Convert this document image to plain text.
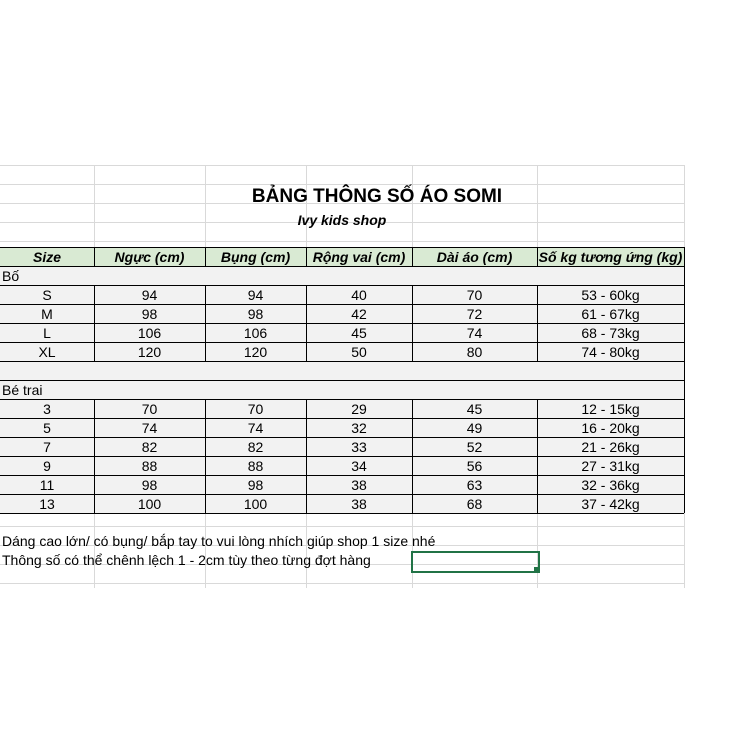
BẢNG THÔNG SỐ ÁO SOMI
Ivy kids shop
Size	Ngực (cm)	Bụng (cm)	Rộng vai (cm)	Dài áo (cm)	Số kg tương ứng (kg)
Bố
S	94	94	40	70	53 - 60kg
M	98	98	42	72	61 - 67kg
L	106	106	45	74	68 - 73kg
XL	120	120	50	80	74 - 80kg
Bé trai
3	70	70	29	45	12 - 15kg
5	74	74	32	49	16 - 20kg
7	82	82	33	52	21 - 26kg
9	88	88	34	56	27 - 31kg
11	98	98	38	63	32 - 36kg
13	100	100	38	68	37 - 42kg
Dáng cao lớn/ có bụng/ bắp tay to vui lòng nhích giúp shop 1 size nhé
Thông số có thể chênh lệch 1 - 2cm tùy theo từng đợt hàng
